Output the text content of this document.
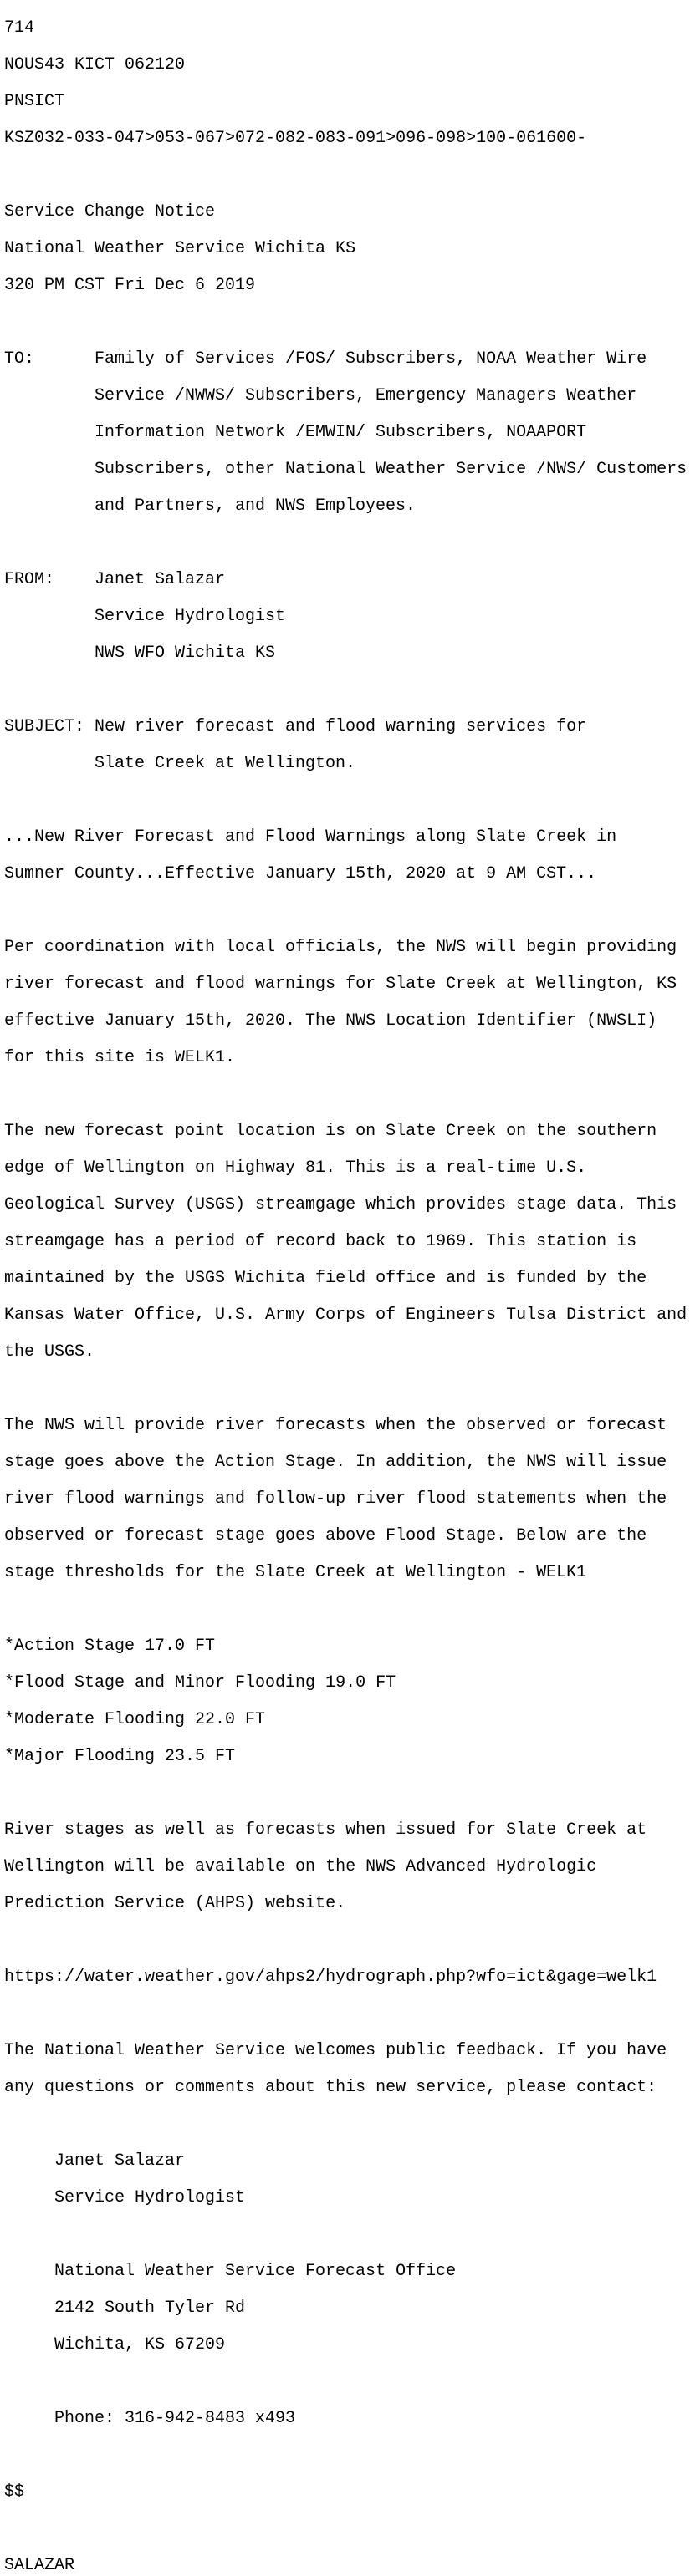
714

NOUS43 KICT 062120

PNSICT

KSZ032-033-047>053-067>072-082-083-091>096-098>100-061600-

Service Change Notice

National Weather Service Wichita KS

320 PM CST Fri Dec 6 2019

TO:	Family of Services /FOS/ Subscribers, NOAA Weather Wire

Service /NWWS/ Subscribers, Emergency Managers Weather

Information Network /EMWIN/ Subscribers, NOAAPORT

Subscribers, other National Weather Service /NWS/ Customers

and Partners, and NWS Employees.

FROM: Janet Salazar

Service Hydrologist

NWS WFO Wichita KS

SUBJECT: New river forecast and flood warning services for

Slate Creek at Wellington.

...New River Forecast and Flood Warnings along Slate Creek in

Sumner County...Effective January 15th, 2020 at 9 AM CST...

Per coordination with local officials, the NWS will begin providing

river forecast and flood warnings for Slate Creek at Wellington, KS

effective January 15th, 2020. The NWS Location Identifier (NWSLI)

for this site is WELK1.

The new forecast point location is on Slate Creek on the southern

edge of Wellington on Highway 81. This is a real-time U.S.

Geological Survey (USGS) streamgage which provides stage data. This

streamgage has a period of record back to 1969. This station is

maintained by the USGS Wichita field office and is funded by the

Kansas Water Office, U.S. Army Corps of Engineers Tulsa District and

the USGS.

The NWS will provide river forecasts when the observed or forecast

stage goes above the Action Stage. In addition, the NWS will issue

river flood warnings and follow-up river flood statements when the

observed or forecast stage goes above Flood Stage. Below are the

stage thresholds for the Slate Creek at Wellington - WELK1

*Action Stage 17.0 FT

*Flood Stage and Minor Flooding 19.0 FT

*Moderate Flooding 22.0 FT

*Major Flooding 23.5 FT

River stages as well as forecasts when issued for Slate Creek at

Wellington will be available on the NWS Advanced Hydrologic

Prediction Service (AHPS) website.

https://water.weather.gov/ahps2/hydrograph.php?wfo=ict&gage=welk1

The National Weather Service welcomes public feedback. If you have

any questions or comments about this new service, please contact:

Janet Salazar

Service Hydrologist

National Weather Service Forecast Office

2142 South Tyler Rd

Wichita, KS 67209

Phone: 316-942-8483 x493

$$

SALAZAR
